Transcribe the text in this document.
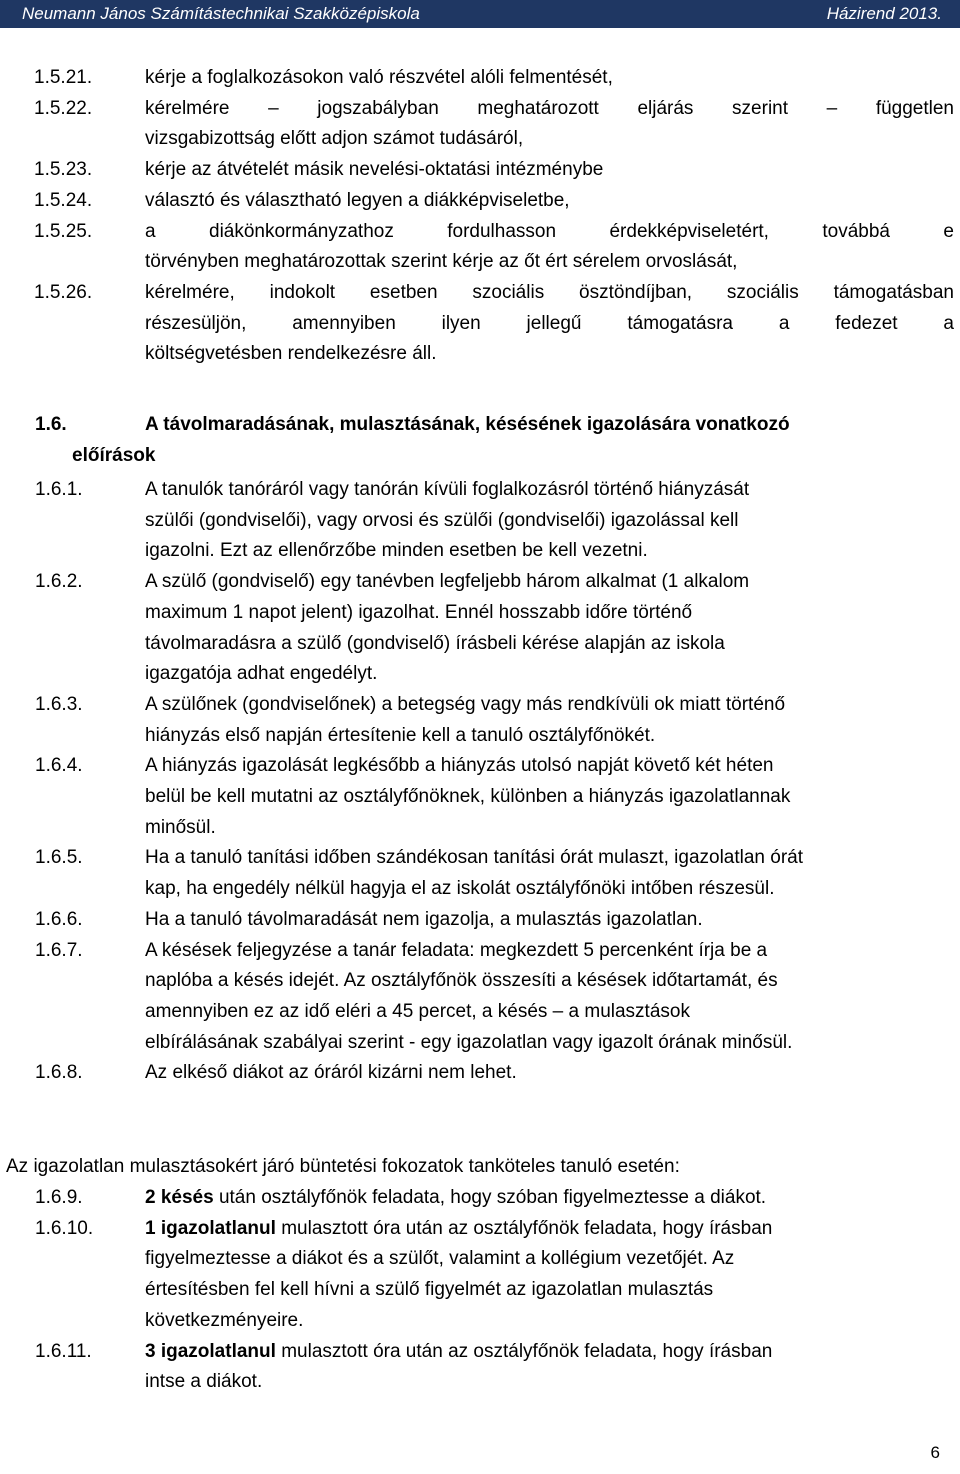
Neumann János Számítástechnikai Szakközépiskola	Házirend 2013.
1.5.21.	kérje a foglalkozásokon való részvétel alóli felmentését,
1.5.22.	kérelmére – jogszabályban meghatározott eljárás szerint – független
vizsgabizottság előtt adjon számot tudásáról,
1.5.23.	kérje az átvételét másik nevelési-oktatási intézménybe
1.5.24.	választó és választható legyen a diákképviseletbe,
1.5.25.	a diákönkormányzathoz fordulhasson érdekképviseletért, továbbá e
törvényben meghatározottak szerint kérje az őt ért sérelem orvoslását,
1.5.26.	kérelmére, indokolt esetben szociális ösztöndíjban, szociális támogatásban
részesüljön, amennyiben ilyen jellegű támogatásra a fedezet a
költségvetésben rendelkezésre áll.
1.6.	A távolmaradásának, mulasztásának, késésének igazolására vonatkozó
előírások
1.6.1.	A tanulók tanóráról vagy tanórán kívüli foglalkozásról történő hiányzását
szülői (gondviselői), vagy orvosi és szülői (gondviselői) igazolással kell
igazolni. Ezt az ellenőrzőbe minden esetben be kell vezetni.
1.6.2.	A szülő (gondviselő) egy tanévben legfeljebb három alkalmat (1 alkalom
maximum 1 napot jelent) igazolhat. Ennél hosszabb időre történő
távolmaradásra a szülő (gondviselő) írásbeli kérése alapján az iskola
igazgatója adhat engedélyt.
1.6.3.	A szülőnek (gondviselőnek) a betegség vagy más rendkívüli ok miatt történő
hiányzás első napján értesítenie kell a tanuló osztályfőnökét.
1.6.4.	A hiányzás igazolását legkésőbb a hiányzás utolsó napját követő két héten
belül be kell mutatni az osztályfőnöknek, különben a hiányzás igazolatlannak
minősül.
1.6.5.	Ha a tanuló tanítási időben szándékosan tanítási órát mulaszt, igazolatlan órát
kap, ha engedély nélkül hagyja el az iskolát osztályfőnöki intőben részesül.
1.6.6.	Ha a tanuló távolmaradását nem igazolja, a mulasztás igazolatlan.
1.6.7.	A késések feljegyzése a tanár feladata: megkezdett 5 percenként írja be a
naplóba a késés idejét. Az osztályfőnök összesíti a késések időtartamát, és
amennyiben ez az idő eléri a 45 percet, a késés – a mulasztások
elbírálásának szabályai szerint - egy igazolatlan vagy igazolt órának minősül.
1.6.8.	Az elkéső diákot az óráról kizárni nem lehet.
Az igazolatlan mulasztásokért járó büntetési fokozatok tanköteles tanuló esetén:
1.6.9.	2 késés után osztályfőnök feladata, hogy szóban figyelmeztesse a diákot.
1.6.10.	1 igazolatlanul mulasztott óra után az osztályfőnök feladata, hogy írásban
figyelmeztesse a diákot és a szülőt, valamint a kollégium vezetőjét. Az
értesítésben fel kell hívni a szülő figyelmét az igazolatlan mulasztás
következményeire.
1.6.11.	3 igazolatlanul mulasztott óra után az osztályfőnök feladata, hogy írásban
intse a diákot.
6
